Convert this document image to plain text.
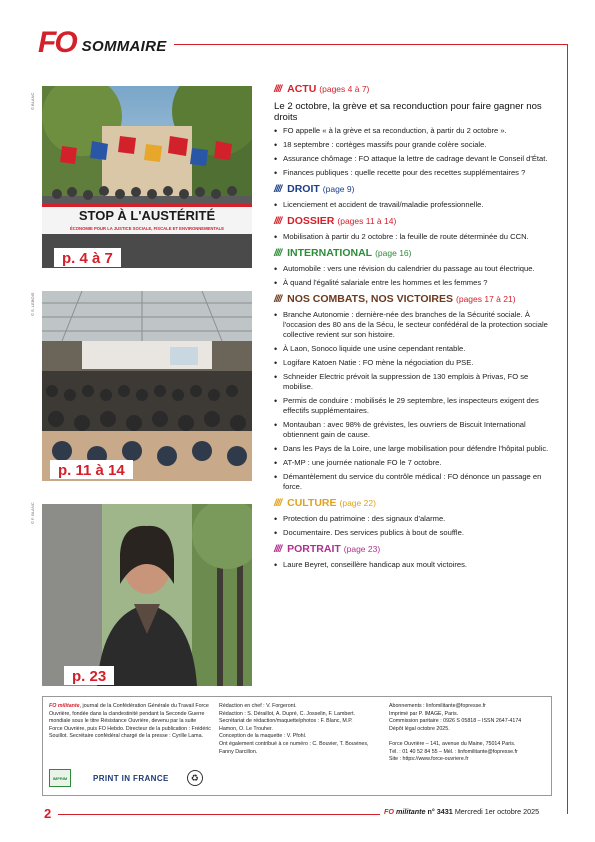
FO SOMMAIRE
STOP À L'AUSTÉRITÉ
ÉCONOMIE POUR LA JUSTICE SOCIALE, FISCALE ET ENVIRONNEMENTALE
© BLANC
p. 4 à 7
© S. LEBOIS
p. 11 à 14
© F. BLANC
p. 23
//// ACTU (pages 4 à 7)
Le 2 octobre, la grève et sa reconduction pour faire gagner nos droits
• FO appelle « à la grève et sa reconduction, à partir du 2 octobre ».
• 18 septembre : cortèges massifs pour grande colère sociale.
• Assurance chômage : FO attaque la lettre de cadrage devant le Conseil d'État.
• Finances publiques : quelle recette pour des recettes supplémentaires ?
//// DROIT (page 9)
• Licenciement et accident de travail/maladie professionnelle.
//// DOSSIER (pages 11 à 14)
• Mobilisation à partir du 2 octobre : la feuille de route déterminée du CCN.
//// INTERNATIONAL (page 16)
• Automobile : vers une révision du calendrier du passage au tout électrique.
• À quand l'égalité salariale entre les hommes et les femmes ?
//// NOS COMBATS, NOS VICTOIRES (pages 17 à 21)
• Branche Autonomie : dernière-née des branches de la Sécurité sociale. À l'occasion des 80 ans de la Sécu, le secteur confédéral de la protection sociale collective revient sur son histoire.
• À Laon, Sonoco liquide une usine cependant rentable.
• Logifare Katoen Natie : FO mène la négociation du PSE.
• Schneider Electric prévoit la suppression de 130 emplois à Privas, FO se mobilise.
• Permis de conduire : mobilisés le 29 septembre, les inspecteurs exigent des effectifs supplémentaires.
• Montauban : avec 98% de grévistes, les ouvriers de Biscuit International obtiennent gain de cause.
• Dans les Pays de la Loire, une large mobilisation pour défendre l'hôpital public.
• AT-MP : une journée nationale FO le 7 octobre.
• Démantèlement du service du contrôle médical : FO dénonce un passage en force.
//// CULTURE (page 22)
• Protection du patrimoine : des signaux d'alarme.
• Documentaire. Des services publics à bout de souffle.
//// PORTRAIT (page 23)
• Laure Beyret, conseillère handicap aux moult victoires.
FO militante, journal de la Confédération Générale du Travail Force Ouvrière, fondée dans la clandestinité pendant la Seconde Guerre mondiale sous le titre Résistance Ouvrière, devenu par la suite Force Ouvrière, puis FO Hebdo. Directeur de la publication : Frédéric Souillot. Secrétaire confédéral chargé de la presse : Cyrille Lama.
Rédaction en chef : V. Forgeront.
Rédaction : S. Déraillot, A. Dupré, C. Josselin, F. Lambert.
Secrétariat de rédaction/maquette/photos : F. Blanc, M.P. Hamon, O. Le Trouher.
Conception de la maquette : V. Pfohl.
Ont également contribué à ce numéro : C. Bouvier, T. Bouvines, Fanny Darcillon.
Abonnements : linfomilitante@fopresse.fr
Imprimé par P. IMAGE, Paris.
Commission paritaire : 0926 S 05818 – ISSN 2647-4174
Dépôt légal octobre 2025.

Force Ouvrière – 141, avenue du Maine, 75014 Paris.
Tél. : 01 40 52 84 55 – Mél. : linfomilitante@fopresse.fr
Site : https://www.force-ouvriere.fr
IMPRIM	PRINT IN FRANCE	♻
2	FO militante n° 3431 Mercredi 1er octobre 2025
